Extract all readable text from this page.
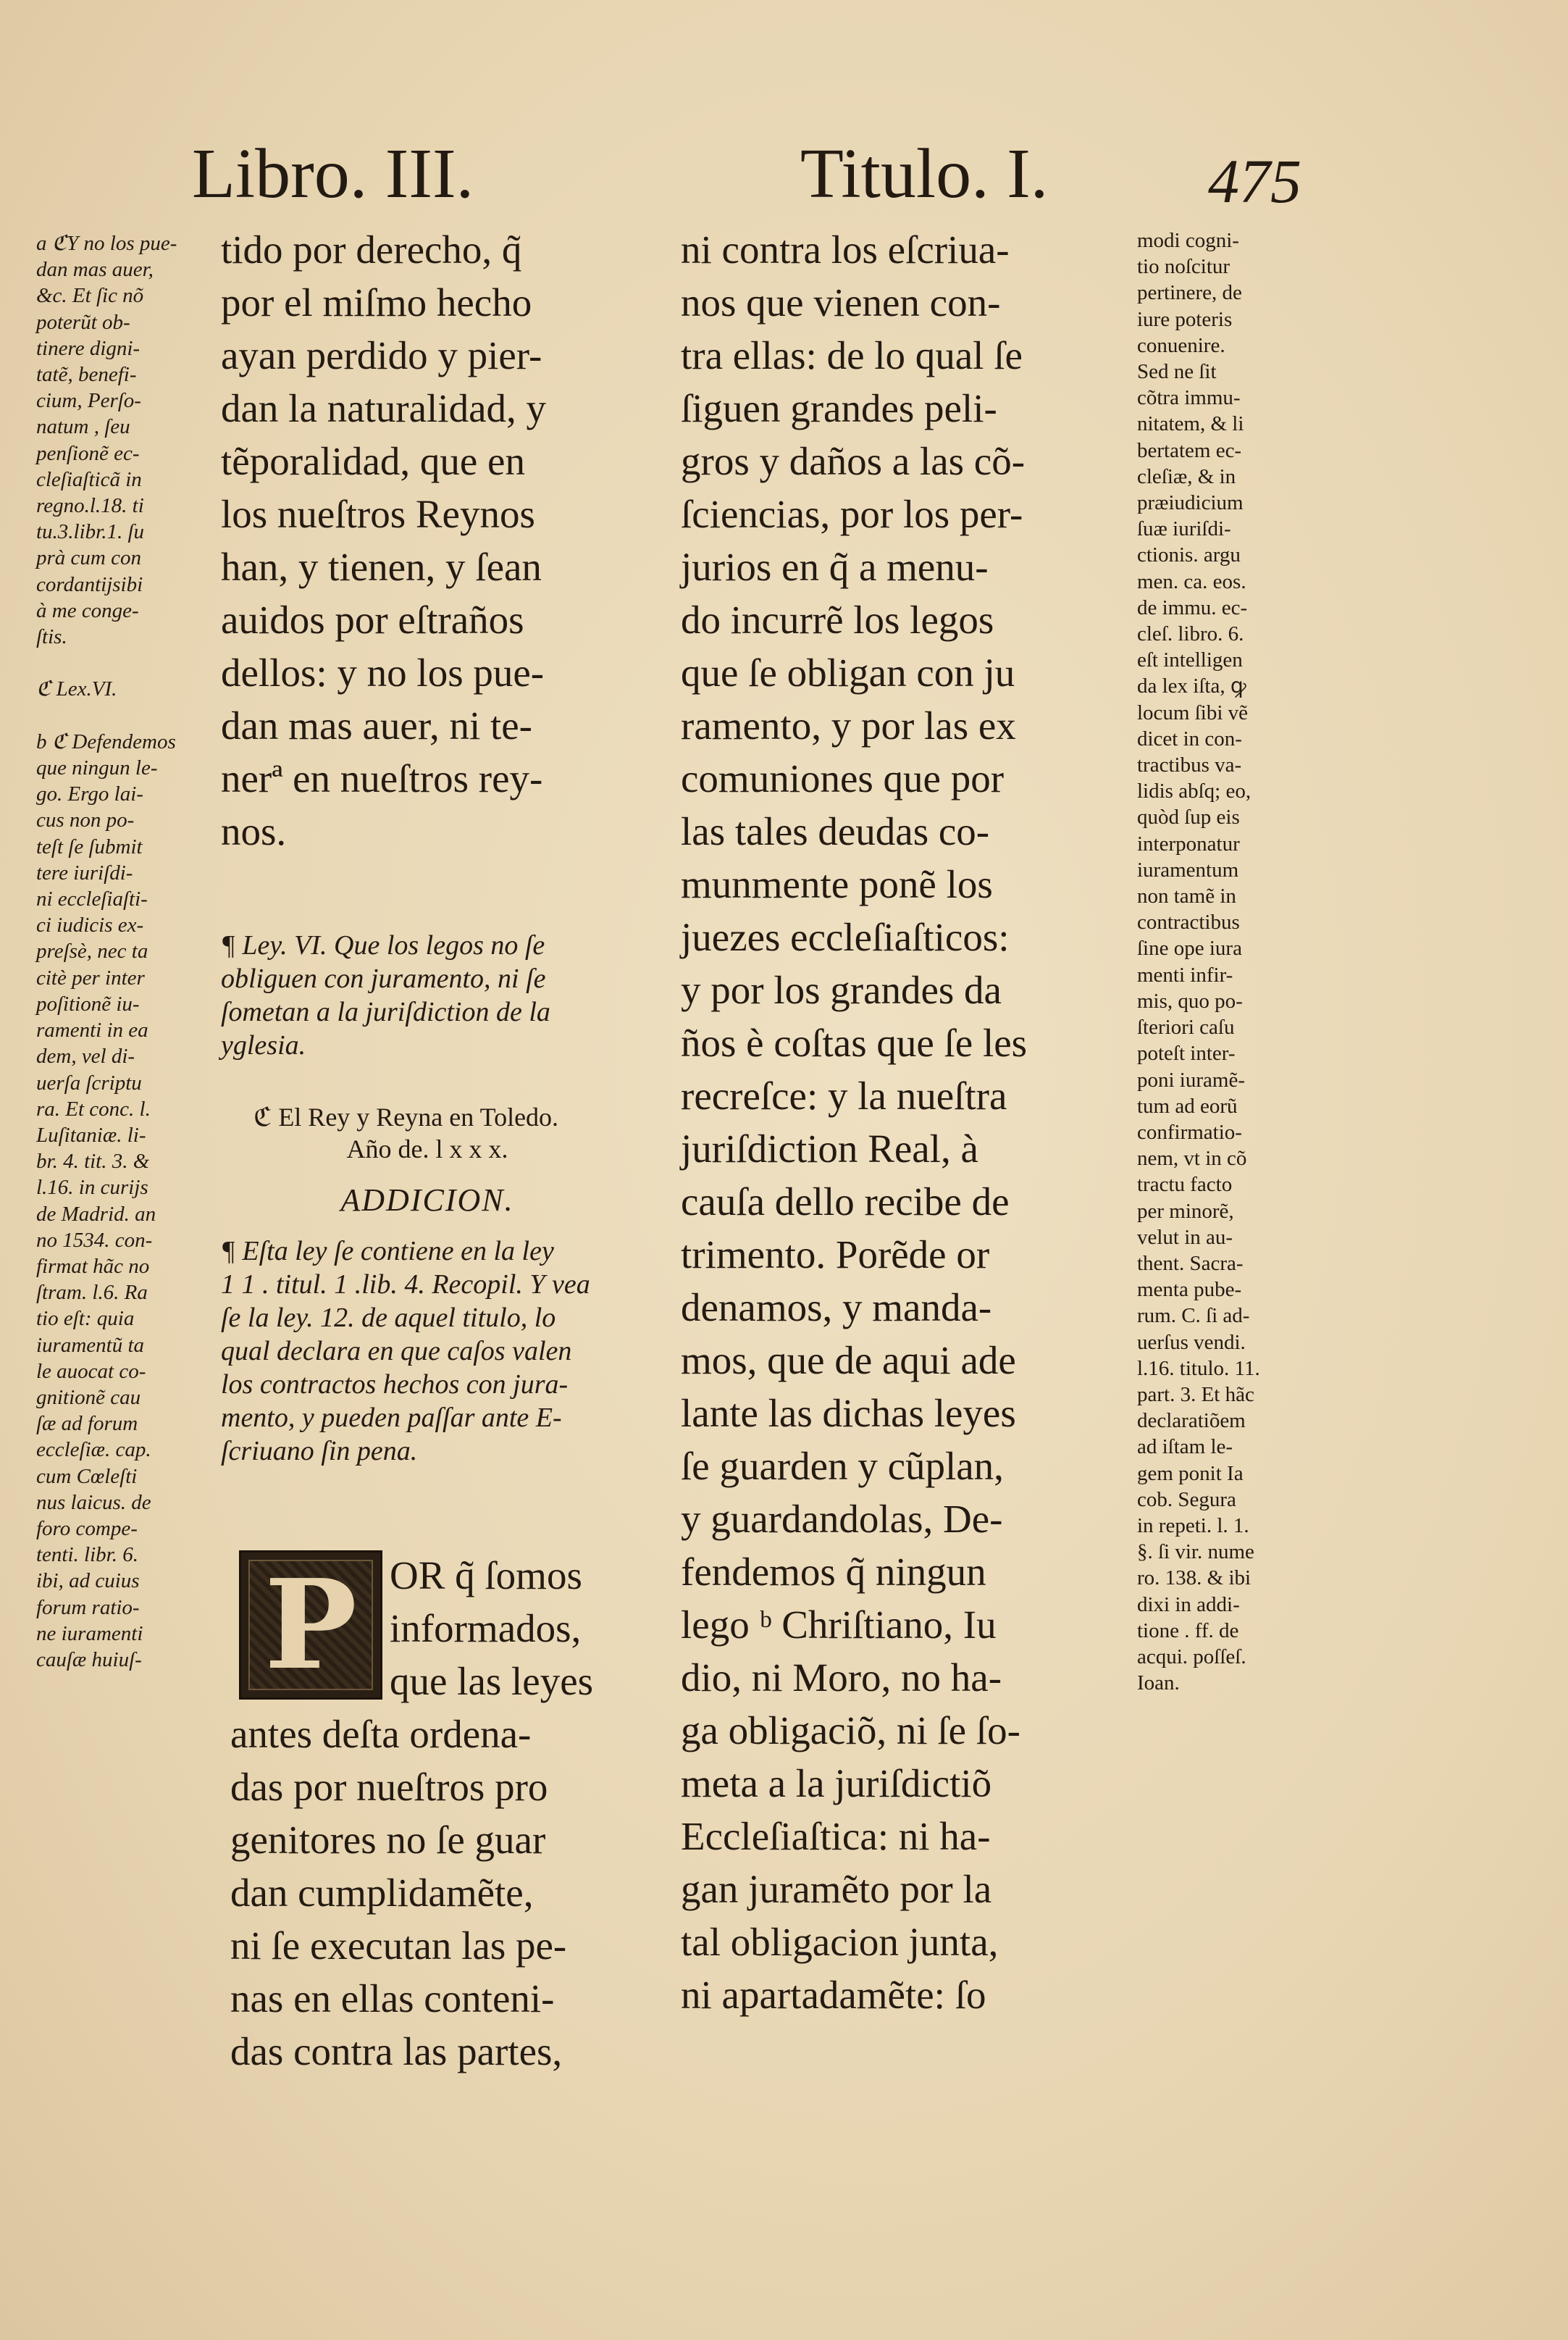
Libro. III.	Titulo. I.	475
a ℭY no los pue-
dan mas auer,
&c. Et ſic nõ
poterũt ob-
tinere digni-
tatẽ, benefi-
cium, Perſo-
natum , ſeu
penſionẽ ec-
cleſiaſticã in
regno.l.18. ti
tu.3.libr.1. ſu
prà cum con
cordantijsibi
à me conge-
ſtis.

ℭ Lex.VI.

b ℭ Defendemos
que ningun le-
go. Ergo lai-
cus non po-
teſt ſe ſubmit
tere iuriſdi-
ni eccleſiaſti-
ci iudicis ex-
preſsè, nec ta
citè per inter
poſitionẽ iu-
ramenti in ea
dem, vel di-
uerſa ſcriptu
ra. Et conc. l.
Luſitaniæ. li-
br. 4. tit. 3. &
l.16. in curijs
de Madrid. an
no 1534. con-
firmat hãc no
ſtram. l.6. Ra
tio eſt: quia
iuramentũ ta
le auocat co-
gnitionẽ cau
ſæ ad forum
eccleſiæ. cap.
cum Cœleſti
nus laicus. de
foro compe-
tenti. libr. 6.
ibi, ad cuius
forum ratio-
ne iuramenti
cauſæ huiuſ-
tido por derecho, q̃
por el miſmo hecho
ayan perdido y pier-
dan la naturalidad, y
tẽporalidad, que en
los nueſtros Reynos
han, y tienen, y ſean
auidos por eſtraños
dellos: y no los pue-
dan mas auer, ni te-
nerª en nueſtros rey-
nos.
¶ Ley. VI. Que los legos no ſe
obliguen con juramento, ni ſe
ſometan a la juriſdiction de la
yglesia.
ℭ El Rey y Reyna en Toledo.
Año de. l x x x.
ADDICION.
¶ Eſta ley ſe contiene en la ley
1 1 . titul. 1 .lib. 4. Recopil. Y vea
ſe la ley. 12. de aquel titulo, lo
qual declara en que caſos valen
los contractos hechos con jura-
mento, y pueden paſſar ante E-
ſcriuano ſin pena.
P OR q̃ ſomos
informados,
que las leyes
antes deſta ordena-
das por nueſtros pro
genitores no ſe guar
dan cumplidamẽte,
ni ſe executan las pe-
nas en ellas conteni-
das contra las partes,
ni contra los eſcriua-
nos que vienen con-
tra ellas: de lo qual ſe
ſiguen grandes peli-
gros y daños a las cõ-
ſciencias, por los per-
jurios en q̃ a menu-
do incurrẽ los legos
que ſe obligan con ju
ramento, y por las ex
comuniones que por
las tales deudas co-
munmente ponẽ los
juezes eccleſiaſticos:
y por los grandes da
ños è coſtas que ſe les
recreſce: y la nueſtra
juriſdiction Real, à
cauſa dello recibe de
trimento. Porẽde or
denamos, y manda-
mos, que de aqui ade
lante las dichas leyes
ſe guarden y cũplan,
y guardandolas, De-
fendemos q̃ ningun
lego ᵇ Chriſtiano, Iu
dio, ni Moro, no ha-
ga obligaciõ, ni ſe ſo-
meta a la juriſdictiõ
Eccleſiaſtica: ni ha-
gan juramẽto por la
tal obligacion junta,
ni apartadamẽte: ſo
modi cogni-
tio noſcitur
pertinere, de
iure poteris
conuenire.
Sed ne ſit
cõtra immu-
nitatem, & li
bertatem ec-
cleſiæ, & in
præiudicium
ſuæ iuriſdi-
ctionis. argu
men. ca. eos.
de immu. ec-
cleſ. libro. 6.
eſt intelligen
da lex iſta, ꝙ
locum ſibi vẽ
dicet in con-
tractibus va-
lidis abſq; eo,
quòd ſup eis
interponatur
iuramentum
non tamẽ in
contractibus
ſine ope iura
menti infir-
mis, quo po-
ſteriori caſu
poteſt inter-
poni iuramẽ-
tum ad eorũ
confirmatio-
nem, vt in cõ
tractu facto
per minorẽ,
velut in au-
thent. Sacra-
menta pube-
rum. C. ſi ad-
uerſus vendi.
l.16. titulo. 11.
part. 3. Et hãc
declaratiõem
ad iſtam le-
gem ponit Ia
cob. Segura
in repeti. l. 1.
§. ſi vir. nume
ro. 138. & ibi
dixi in addi-
tione . ff. de
acqui. poſſeſ.
Ioan.
